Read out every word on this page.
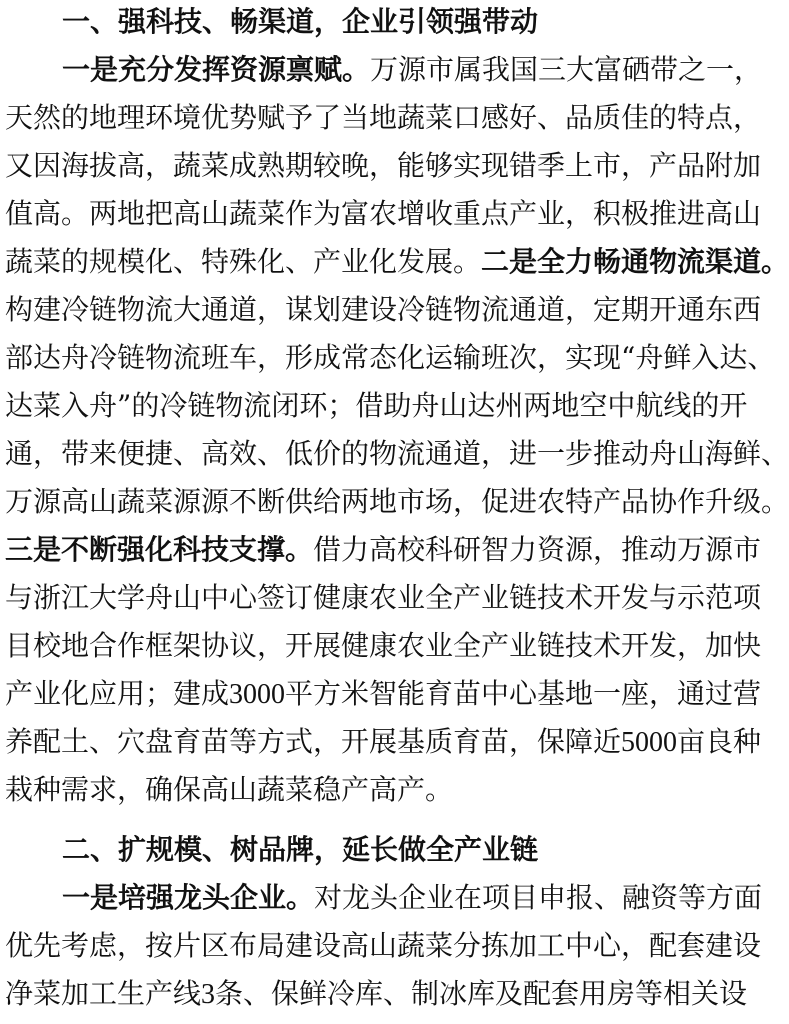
一、强科技、畅渠道，企业引领强带动
一是充分发挥资源禀赋。万源市属我国三大富硒带之一，
天然的地理环境优势赋予了当地蔬菜口感好、品质佳的特点，
又因海拔高，蔬菜成熟期较晚，能够实现错季上市，产品附加
值高。两地把高山蔬菜作为富农增收重点产业，积极推进高山
蔬菜的规模化、特殊化、产业化发展。二是全力畅通物流渠道。
构建冷链物流大通道，谋划建设冷链物流通道，定期开通东西
部达舟冷链物流班车，形成常态化运输班次，实现“舟鲜入达、
达菜入舟”的冷链物流闭环；借助舟山达州两地空中航线的开
通，带来便捷、高效、低价的物流通道，进一步推动舟山海鲜、
万源高山蔬菜源源不断供给两地市场，促进农特产品协作升级。
三是不断强化科技支撑。借力高校科研智力资源，推动万源市
与浙江大学舟山中心签订健康农业全产业链技术开发与示范项
目校地合作框架协议，开展健康农业全产业链技术开发，加快
产业化应用；建成3000平方米智能育苗中心基地一座，通过营
养配土、穴盘育苗等方式，开展基质育苗，保障近5000亩良种
栽种需求，确保高山蔬菜稳产高产。
二、扩规模、树品牌，延长做全产业链
一是培强龙头企业。对龙头企业在项目申报、融资等方面
优先考虑，按片区布局建设高山蔬菜分拣加工中心，配套建设
净菜加工生产线3条、保鲜冷库、制冰库及配套用房等相关设
